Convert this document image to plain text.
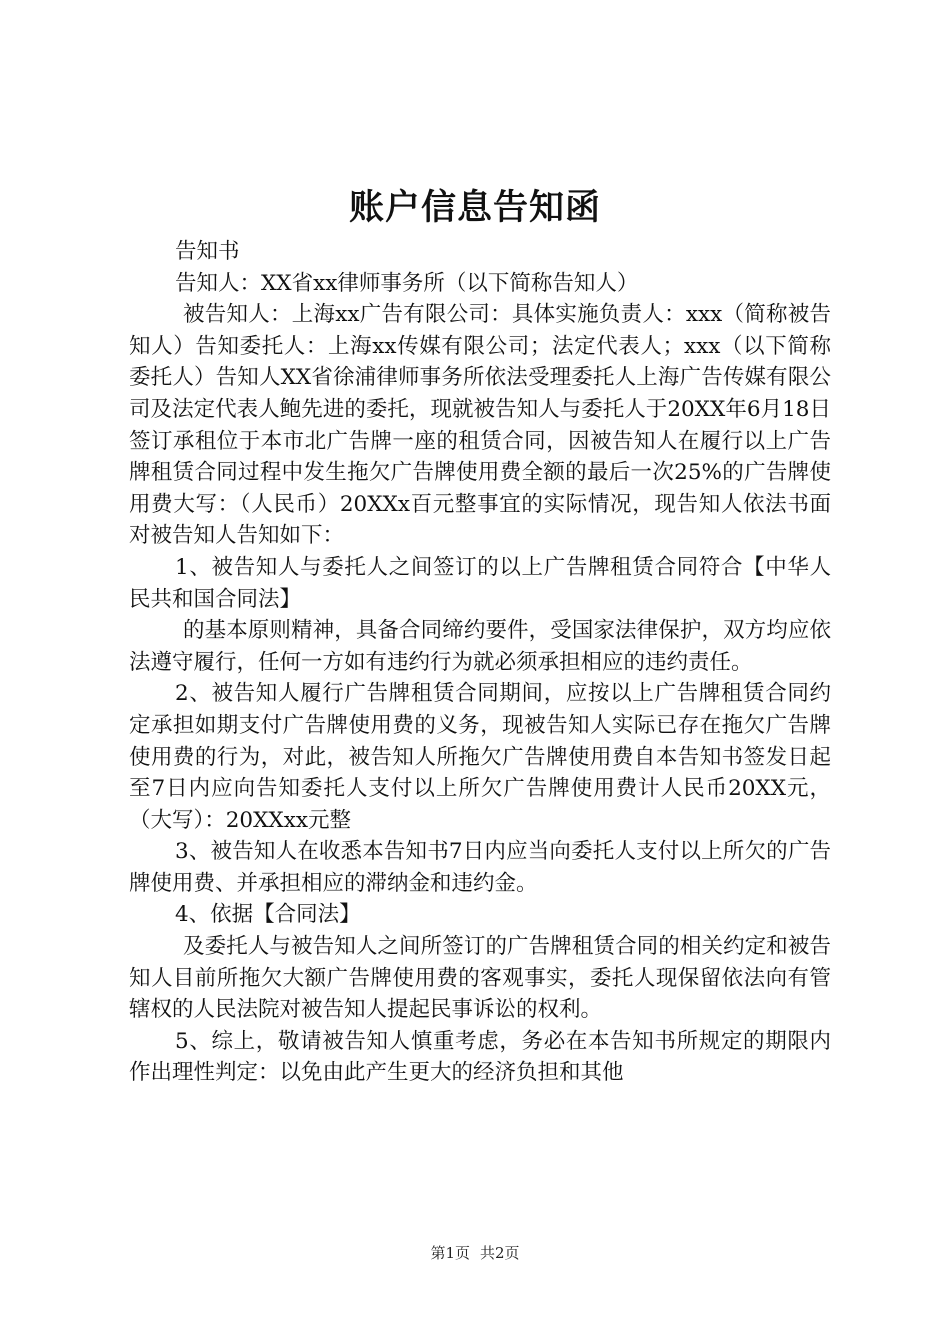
账户信息告知函

告知书

告知人：XX省xx律师事务所（以下简称告知人）

被告知人：上海xx广告有限公司：具体实施负责人：xxx（简称被告知人）告知委托人：上海xx传媒有限公司；法定代表人；xxx（以下简称委托人）告知人XX省徐浦律师事务所依法受理委托人上海广告传媒有限公司及法定代表人鲍先进的委托，现就被告知人与委托人于20XX年6月18日签订承租位于本市北广告牌一座的租赁合同，因被告知人在履行以上广告牌租赁合同过程中发生拖欠广告牌使用费全额的最后一次25%的广告牌使用费大写：（人民币）20XXx百元整事宜的实际情况，现告知人依法书面对被告知人告知如下：

1、被告知人与委托人之间签订的以上广告牌租赁合同符合【中华人民共和国合同法】

的基本原则精神，具备合同缔约要件，受国家法律保护，双方均应依法遵守履行，任何一方如有违约行为就必须承担相应的违约责任。

2、被告知人履行广告牌租赁合同期间，应按以上广告牌租赁合同约定承担如期支付广告牌使用费的义务，现被告知人实际已存在拖欠广告牌使用费的行为，对此，被告知人所拖欠广告牌使用费自本告知书签发日起至7日内应向告知委托人支付以上所欠广告牌使用费计人民币20XX元，（大写）：20XXxx元整

3、被告知人在收悉本告知书7日内应当向委托人支付以上所欠的广告牌使用费、并承担相应的滞纳金和违约金。

4、依据【合同法】

及委托人与被告知人之间所签订的广告牌租赁合同的相关约定和被告知人目前所拖欠大额广告牌使用费的客观事实，委托人现保留依法向有管辖权的人民法院对被告知人提起民事诉讼的权利。

5、综上，敬请被告知人慎重考虑，务必在本告知书所规定的期限内作出理性判定：以免由此产生更大的经济负担和其他

第1页 共2页
